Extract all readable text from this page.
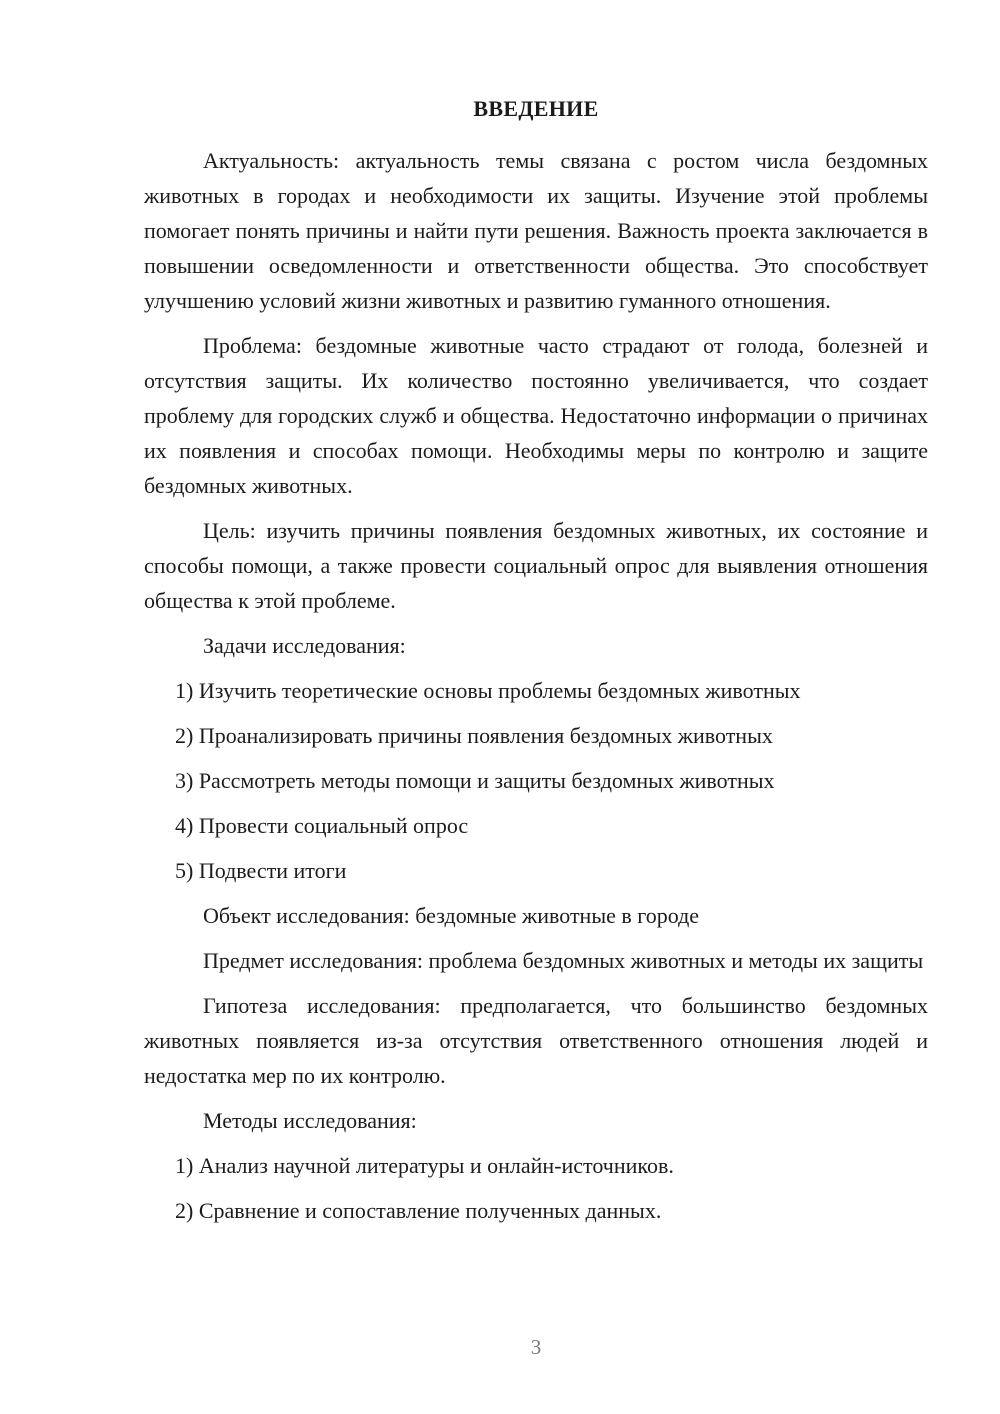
ВВЕДЕНИЕ

Актуальность: актуальность темы связана с ростом числа бездомных животных в городах и необходимости их защиты. Изучение этой проблемы помогает понять причины и найти пути решения. Важность проекта заключается в повышении осведомленности и ответственности общества. Это способствует улучшению условий жизни животных и развитию гуманного отношения.

Проблема: бездомные животные часто страдают от голода, болезней и отсутствия защиты. Их количество постоянно увеличивается, что создает проблему для городских служб и общества. Недостаточно информации о причинах их появления и способах помощи. Необходимы меры по контролю и защите бездомных животных.

Цель: изучить причины появления бездомных животных, их состояние и способы помощи, а также провести социальный опрос для выявления отношения общества к этой проблеме.

Задачи исследования:

1) Изучить теоретические основы проблемы бездомных животных
2) Проанализировать причины появления бездомных животных
3) Рассмотреть методы помощи и защиты бездомных животных
4) Провести социальный опрос
5) Подвести итоги

Объект исследования: бездомные животные в городе

Предмет исследования: проблема бездомных животных и методы их защиты

Гипотеза исследования: предполагается, что большинство бездомных животных появляется из-за отсутствия ответственного отношения людей и недостатка мер по их контролю.

Методы исследования:

1) Анализ научной литературы и онлайн-источников.
2) Сравнение и сопоставление полученных данных.
3
